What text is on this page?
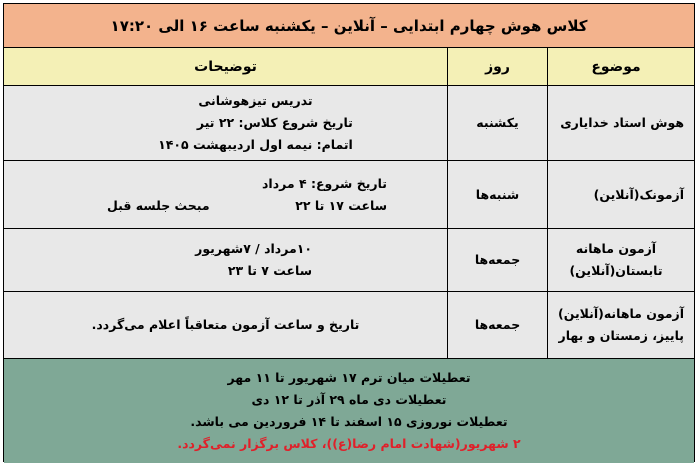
کلاس هوش چهارم ابتدایی – آنلاین – یکشنبه ساعت ۱۶ الی ۱۷:۲۰
موضوع
روز
توضیحات
هوش استاد خدایاری
یکشنبه
تدریس تیزهوشانی
تاریخ شروع کلاس: ۲۲ تیر
اتمام: نیمه اول اردیبهشت ۱۴۰۵
آزمونک(آنلاین)
شنبه‌ها
تاریخ شروع: ۴ مرداد
ساعت ۱۷ تا ۲۲
مبحث جلسه قبل
آزمون ماهانه
تابستان(آنلاین)
جمعه‌ها
۱۰مرداد / ۷شهریور
ساعت ۷ تا ۲۳
آزمون ماهانه(آنلاین)
پاییز، زمستان و بهار
جمعه‌ها
تاریخ و ساعت آزمون متعاقباً اعلام می‌گردد.
تعطیلات میان ترم ۱۷ شهریور تا ۱۱ مهر
تعطیلات دی ماه ۲۹ آذر تا ۱۲ دی
تعطیلات نوروزی ۱۵ اسفند تا ۱۴ فروردین می باشد.
۲ شهریور(شهادت امام رضا(ع))، کلاس برگزار نمی‌گردد.
